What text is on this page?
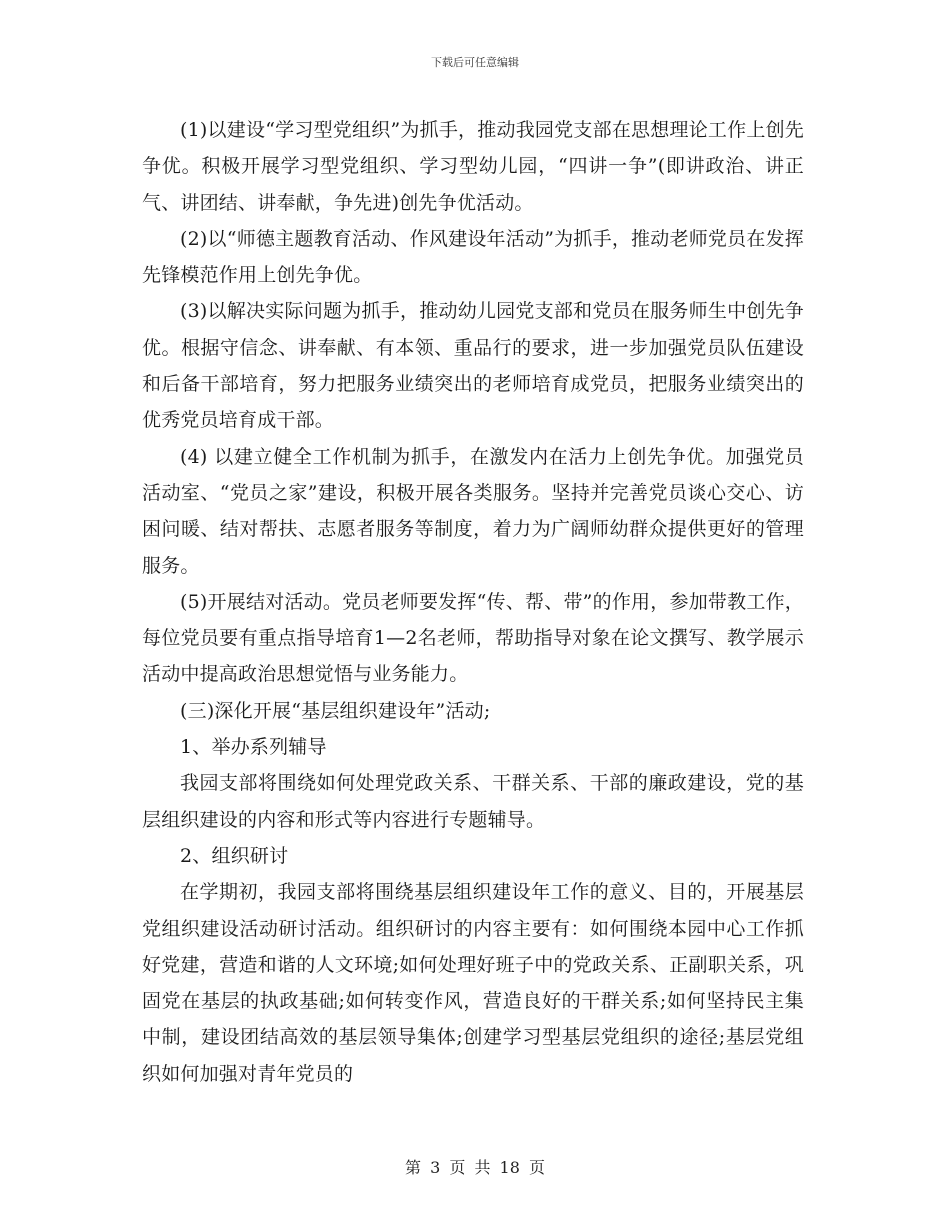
下载后可任意编辑

(1)以建设“学习型党组织”为抓手，推动我园党支部在思想理论工作上创先争优。积极开展学习型党组织、学习型幼儿园，“四讲一争”(即讲政治、讲正气、讲团结、讲奉献，争先进)创先争优活动。

(2)以“师德主题教育活动、作风建设年活动”为抓手，推动老师党员在发挥先锋模范作用上创先争优。

(3)以解决实际问题为抓手，推动幼儿园党支部和党员在服务师生中创先争优。根据守信念、讲奉献、有本领、重品行的要求，进一步加强党员队伍建设和后备干部培育，努力把服务业绩突出的老师培育成党员，把服务业绩突出的优秀党员培育成干部。

(4) 以建立健全工作机制为抓手，在激发内在活力上创先争优。加强党员活动室、“党员之家”建设，积极开展各类服务。坚持并完善党员谈心交心、访困问暖、结对帮扶、志愿者服务等制度，着力为广阔师幼群众提供更好的管理服务。

(5)开展结对活动。党员老师要发挥“传、帮、带”的作用，参加带教工作，每位党员要有重点指导培育1—2名老师，帮助指导对象在论文撰写、教学展示活动中提高政治思想觉悟与业务能力。

(三)深化开展“基层组织建设年”活动;

1、举办系列辅导

我园支部将围绕如何处理党政关系、干群关系、干部的廉政建设，党的基层组织建设的内容和形式等内容进行专题辅导。

2、组织研讨

在学期初，我园支部将围绕基层组织建设年工作的意义、目的，开展基层党组织建设活动研讨活动。组织研讨的内容主要有：如何围绕本园中心工作抓好党建，营造和谐的人文环境;如何处理好班子中的党政关系、正副职关系，巩固党在基层的执政基础;如何转变作风，营造良好的干群关系;如何坚持民主集中制，建设团结高效的基层领导集体;创建学习型基层党组织的途径;基层党组织如何加强对青年党员的

第 3 页 共 18 页
